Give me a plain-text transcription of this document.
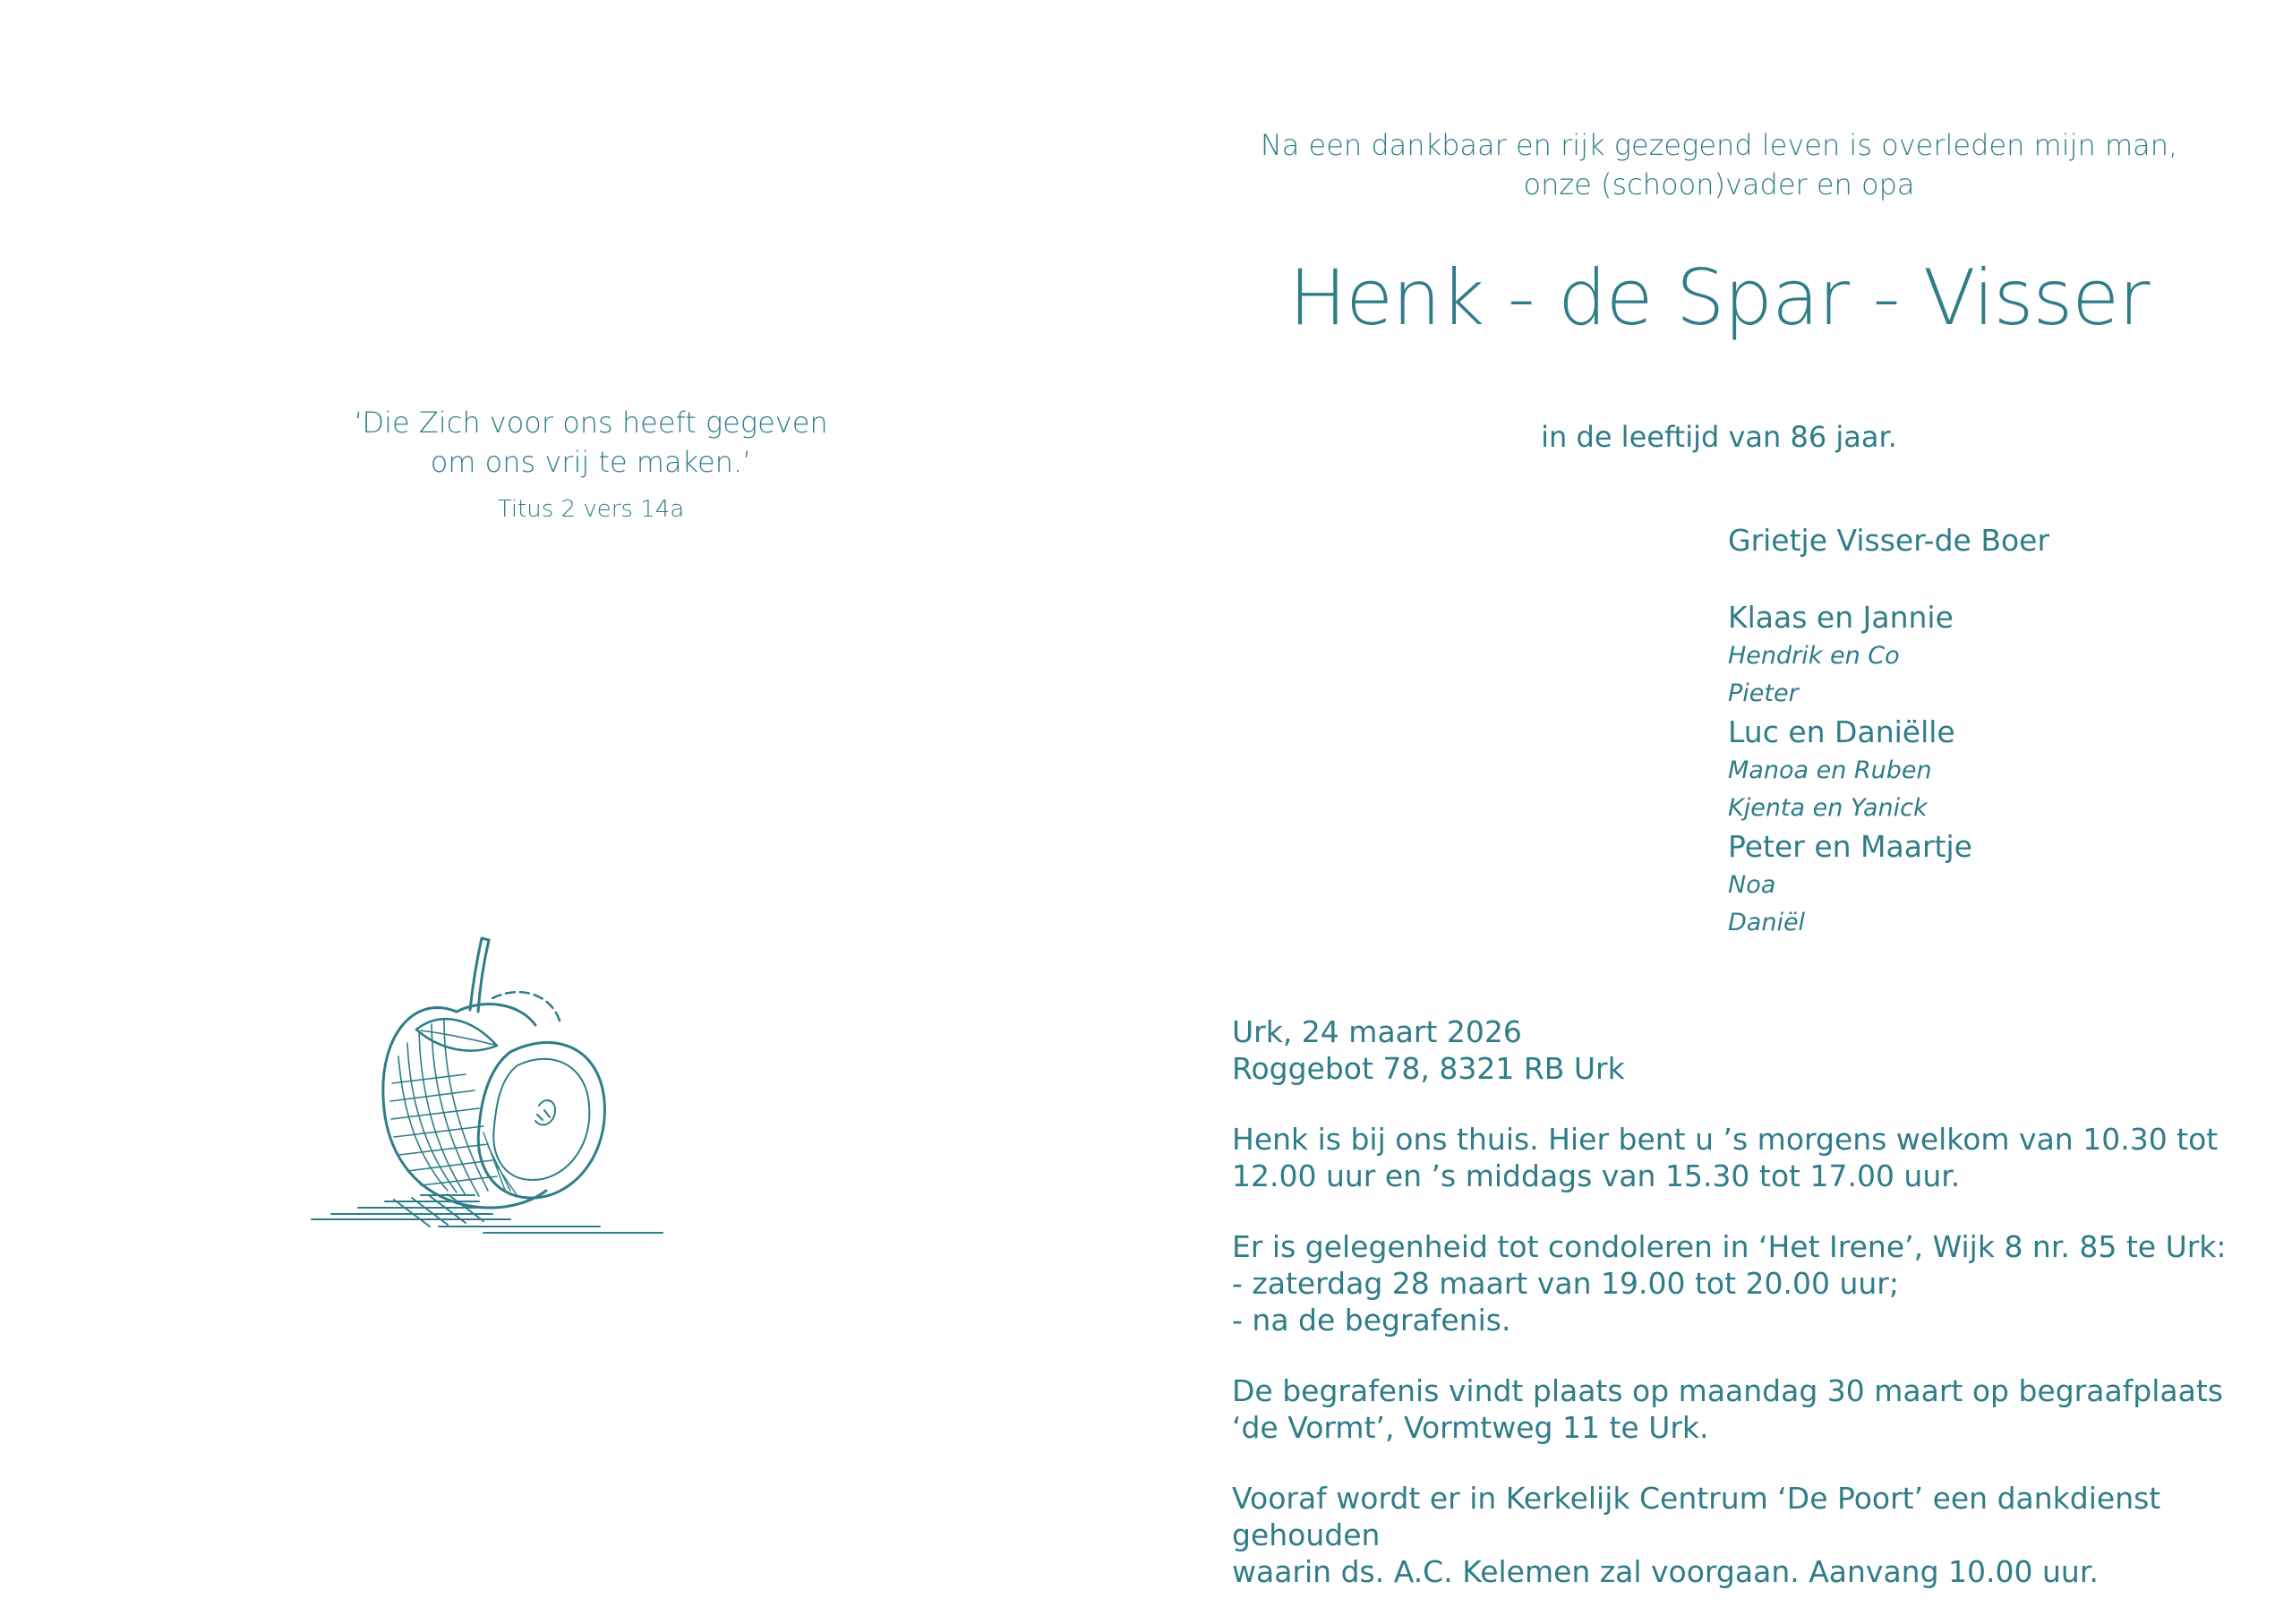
‘Die Zich voor ons heeft gegeven
om ons vrij te maken.’
Titus 2 vers 14a
Na een dankbaar en rijk gezegend leven is overleden mijn man,
onze (schoon)vader en opa
Henk - de Spar - Visser
in de leeftijd van 86 jaar.
Grietje Visser-de Boer
Klaas en Jannie
Hendrik en Co
Pieter
Luc en Daniëlle
Manoa en Ruben
Kjenta en Yanick
Peter en Maartje
Noa
Daniël

Urk, 24 maart 2026
Roggebot 78, 8321 RB Urk

Henk is bij ons thuis. Hier bent u ’s morgens welkom van 10.30 tot
12.00 uur en ’s middags van 15.30 tot 17.00 uur.

Er is gelegenheid tot condoleren in ‘Het Irene’, Wijk 8 nr. 85 te Urk:
- zaterdag 28 maart van 19.00 tot 20.00 uur;
- na de begrafenis.

De begrafenis vindt plaats op maandag 30 maart op begraafplaats
‘de Vormt’, Vormtweg 11 te Urk.

Vooraf wordt er in Kerkelijk Centrum ‘De Poort’ een dankdienst gehouden
waarin ds. A.C. Kelemen zal voorgaan. Aanvang 10.00 uur.
